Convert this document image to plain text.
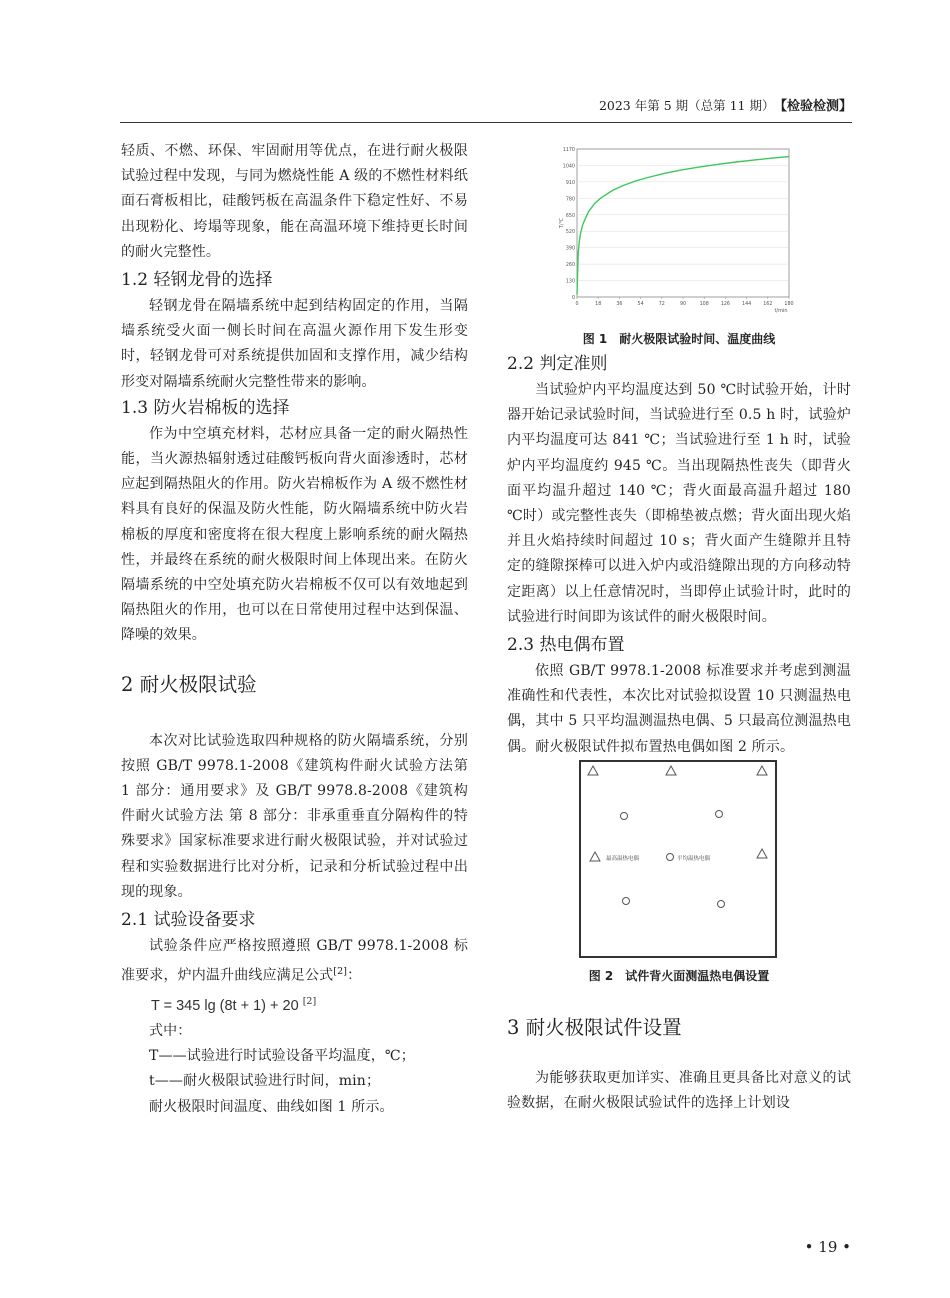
2023 年第 5 期（总第 11 期） 【检验检测】

轻质、不燃、环保、牢固耐用等优点，在进行耐火极限试验过程中发现，与同为燃烧性能 A 级的不燃性材料纸面石膏板相比，硅酸钙板在高温条件下稳定性好、不易出现粉化、垮塌等现象，能在高温环境下维持更长时间的耐火完整性。

1.2 轻钢龙骨的选择

轻钢龙骨在隔墙系统中起到结构固定的作用，当隔墙系统受火面一侧长时间在高温火源作用下发生形变时，轻钢龙骨可对系统提供加固和支撑作用，减少结构形变对隔墙系统耐火完整性带来的影响。

1.3 防火岩棉板的选择

作为中空填充材料，芯材应具备一定的耐火隔热性能，当火源热辐射透过硅酸钙板向背火面渗透时，芯材应起到隔热阻火的作用。防火岩棉板作为 A 级不燃性材料具有良好的保温及防火性能，防火隔墙系统中防火岩棉板的厚度和密度将在很大程度上影响系统的耐火隔热性，并最终在系统的耐火极限时间上体现出来。在防火隔墙系统的中空处填充防火岩棉板不仅可以有效地起到隔热阻火的作用，也可以在日常使用过程中达到保温、降噪的效果。

2 耐火极限试验

本次对比试验选取四种规格的防火隔墙系统，分别按照 GB/T 9978.1-2008《建筑构件耐火试验方法第 1 部分：通用要求》及 GB/T 9978.8-2008《建筑构件耐火试验方法 第 8 部分：非承重垂直分隔构件的特殊要求》国家标准要求进行耐火极限试验，并对试验过程和实验数据进行比对分析，记录和分析试验过程中出现的现象。

2.1 试验设备要求

试验条件应严格按照遵照 GB/T 9978.1-2008 标准要求，炉内温升曲线应满足公式[2]：

T = 345 lg (8t + 1) + 20 [2]

式中：

T——试验进行时试验设备平均温度，℃；

t——耐火极限试验进行时间，min；

耐火极限时间温度、曲线如图 1 所示。

0
130
260
390
520
650
780
910
1040
1170
0	18	36	54	72	90	108	126	144	162	180
t/min
T/℃
图 1　耐火极限试验时间、温度曲线
2.2 判定准则

当试验炉内平均温度达到 50 ℃时试验开始，计时器开始记录试验时间，当试验进行至 0.5 h 时，试验炉内平均温度可达 841 ℃；当试验进行至 1 h 时，试验炉内平均温度约 945 ℃。当出现隔热性丧失（即背火面平均温升超过 140 ℃；背火面最高温升超过 180 ℃时）或完整性丧失（即棉垫被点燃；背火面出现火焰并且火焰持续时间超过 10 s；背火面产生缝隙并且特定的缝隙探棒可以进入炉内或沿缝隙出现的方向移动特定距离）以上任意情况时，当即停止试验计时，此时的试验进行时间即为该试件的耐火极限时间。

2.3 热电偶布置

依照 GB/T 9978.1-2008 标准要求并考虑到测温准确性和代表性，本次比对试验拟设置 10 只测温热电偶，其中 5 只平均温测温热电偶、5 只最高位测温热电偶。耐火极限试件拟布置热电偶如图 2 所示。

最高温热电偶	平均温热电偶
图 2　试件背火面测温热电偶设置
3 耐火极限试件设置

为能够获取更加详实、准确且更具备比对意义的试验数据，在耐火极限试验试件的选择上计划设

• 19 •
